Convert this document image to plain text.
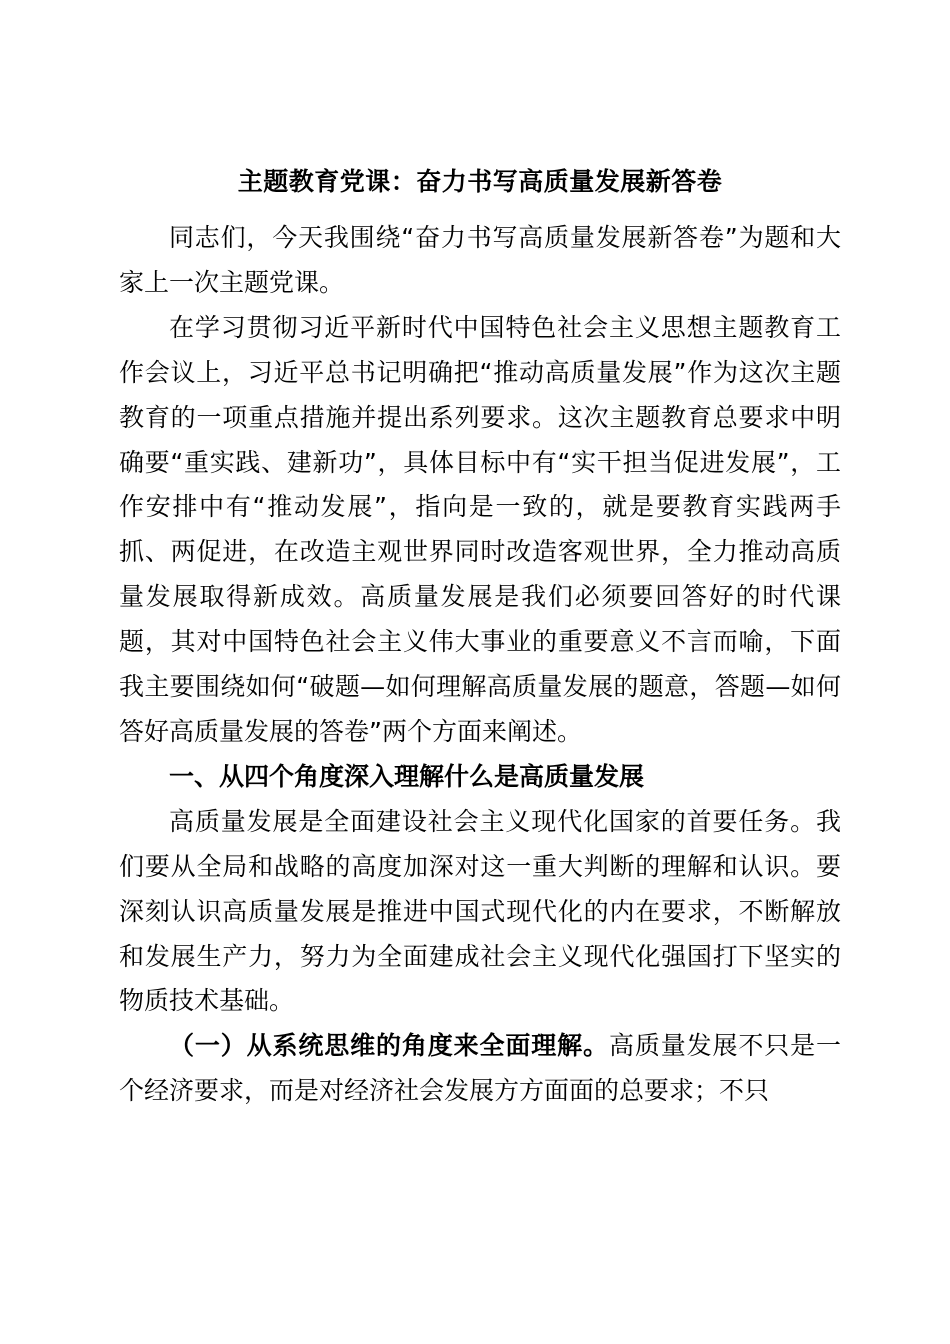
主题教育党课：奋力书写高质量发展新答卷

同志们，今天我围绕“奋力书写高质量发展新答卷”为题和大家上一次主题党课。

在学习贯彻习近平新时代中国特色社会主义思想主题教育工作会议上，习近平总书记明确把“推动高质量发展”作为这次主题教育的一项重点措施并提出系列要求。这次主题教育总要求中明确要“重实践、建新功”，具体目标中有“实干担当促进发展”，工作安排中有“推动发展”，指向是一致的，就是要教育实践两手抓、两促进，在改造主观世界同时改造客观世界，全力推动高质量发展取得新成效。高质量发展是我们必须要回答好的时代课题，其对中国特色社会主义伟大事业的重要意义不言而喻，下面我主要围绕如何“破题—如何理解高质量发展的题意，答题—如何答好高质量发展的答卷”两个方面来阐述。

一、从四个角度深入理解什么是高质量发展

高质量发展是全面建设社会主义现代化国家的首要任务。我们要从全局和战略的高度加深对这一重大判断的理解和认识。要深刻认识高质量发展是推进中国式现代化的内在要求，不断解放和发展生产力，努力为全面建成社会主义现代化强国打下坚实的物质技术基础。

（一）从系统思维的角度来全面理解。高质量发展不只是一个经济要求，而是对经济社会发展方方面面的总要求；不只
